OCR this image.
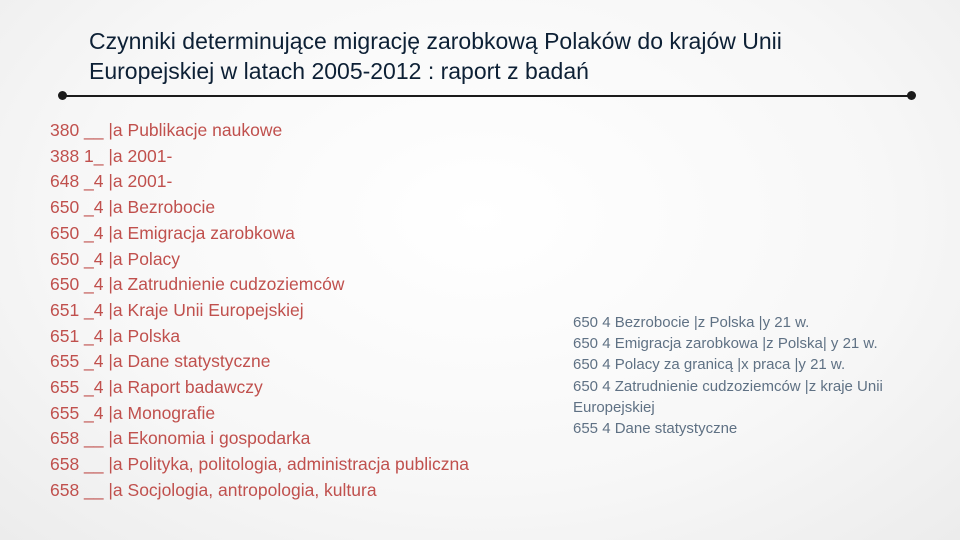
Czynniki determinujące migrację zarobkową Polaków do krajów Unii
Europejskiej w latach 2005-2012 : raport z badań
380 __ |a Publikacje naukowe
388 1_ |a 2001-
648 _4 |a 2001-
650 _4 |a Bezrobocie
650 _4 |a Emigracja zarobkowa
650 _4 |a Polacy
650 _4 |a Zatrudnienie cudzoziemców
651 _4 |a Kraje Unii Europejskiej
651 _4 |a Polska
655 _4 |a Dane statystyczne
655 _4 |a Raport badawczy
655 _4 |a Monografie
658 __ |a Ekonomia i gospodarka
658 __ |a Polityka, politologia, administracja publiczna
658 __ |a Socjologia, antropologia, kultura
650 4 Bezrobocie |z Polska |y 21 w.
650 4 Emigracja zarobkowa |z Polska| y 21 w.
650 4 Polacy za granicą |x praca |y 21 w.
650 4 Zatrudnienie cudzoziemców |z kraje Unii Europejskiej
655 4 Dane statystyczne
